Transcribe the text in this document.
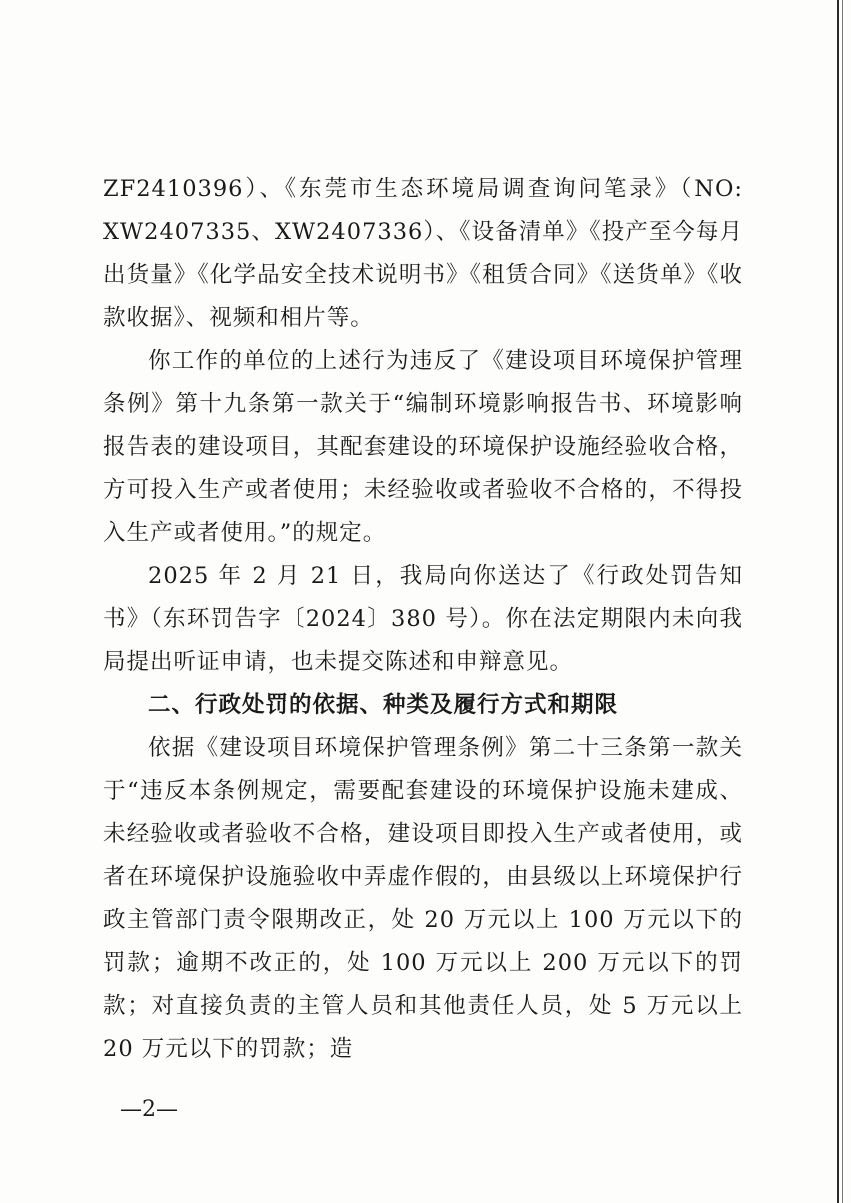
ZF2410396）、《东莞市生态环境局调查询问笔录》（NO: XW2407335、XW2407336）、《设备清单》《投产至今每月出货量》《化学品安全技术说明书》《租赁合同》《送货单》《收款收据》、视频和相片等。

你工作的单位的上述行为违反了《建设项目环境保护管理条例》第十九条第一款关于“编制环境影响报告书、环境影响报告表的建设项目，其配套建设的环境保护设施经验收合格，方可投入生产或者使用；未经验收或者验收不合格的，不得投入生产或者使用。”的规定。

2025 年 2 月 21 日，我局向你送达了《行政处罚告知书》（东环罚告字〔2024〕380 号）。你在法定期限内未向我局提出听证申请，也未提交陈述和申辩意见。

二、行政处罚的依据、种类及履行方式和期限

依据《建设项目环境保护管理条例》第二十三条第一款关于“违反本条例规定，需要配套建设的环境保护设施未建成、未经验收或者验收不合格，建设项目即投入生产或者使用，或者在环境保护设施验收中弄虚作假的，由县级以上环境保护行政主管部门责令限期改正，处 20 万元以上 100 万元以下的罚款；逾期不改正的，处 100 万元以上 200 万元以下的罚款；对直接负责的主管人员和其他责任人员，处 5 万元以上 20 万元以下的罚款；造

—2—
